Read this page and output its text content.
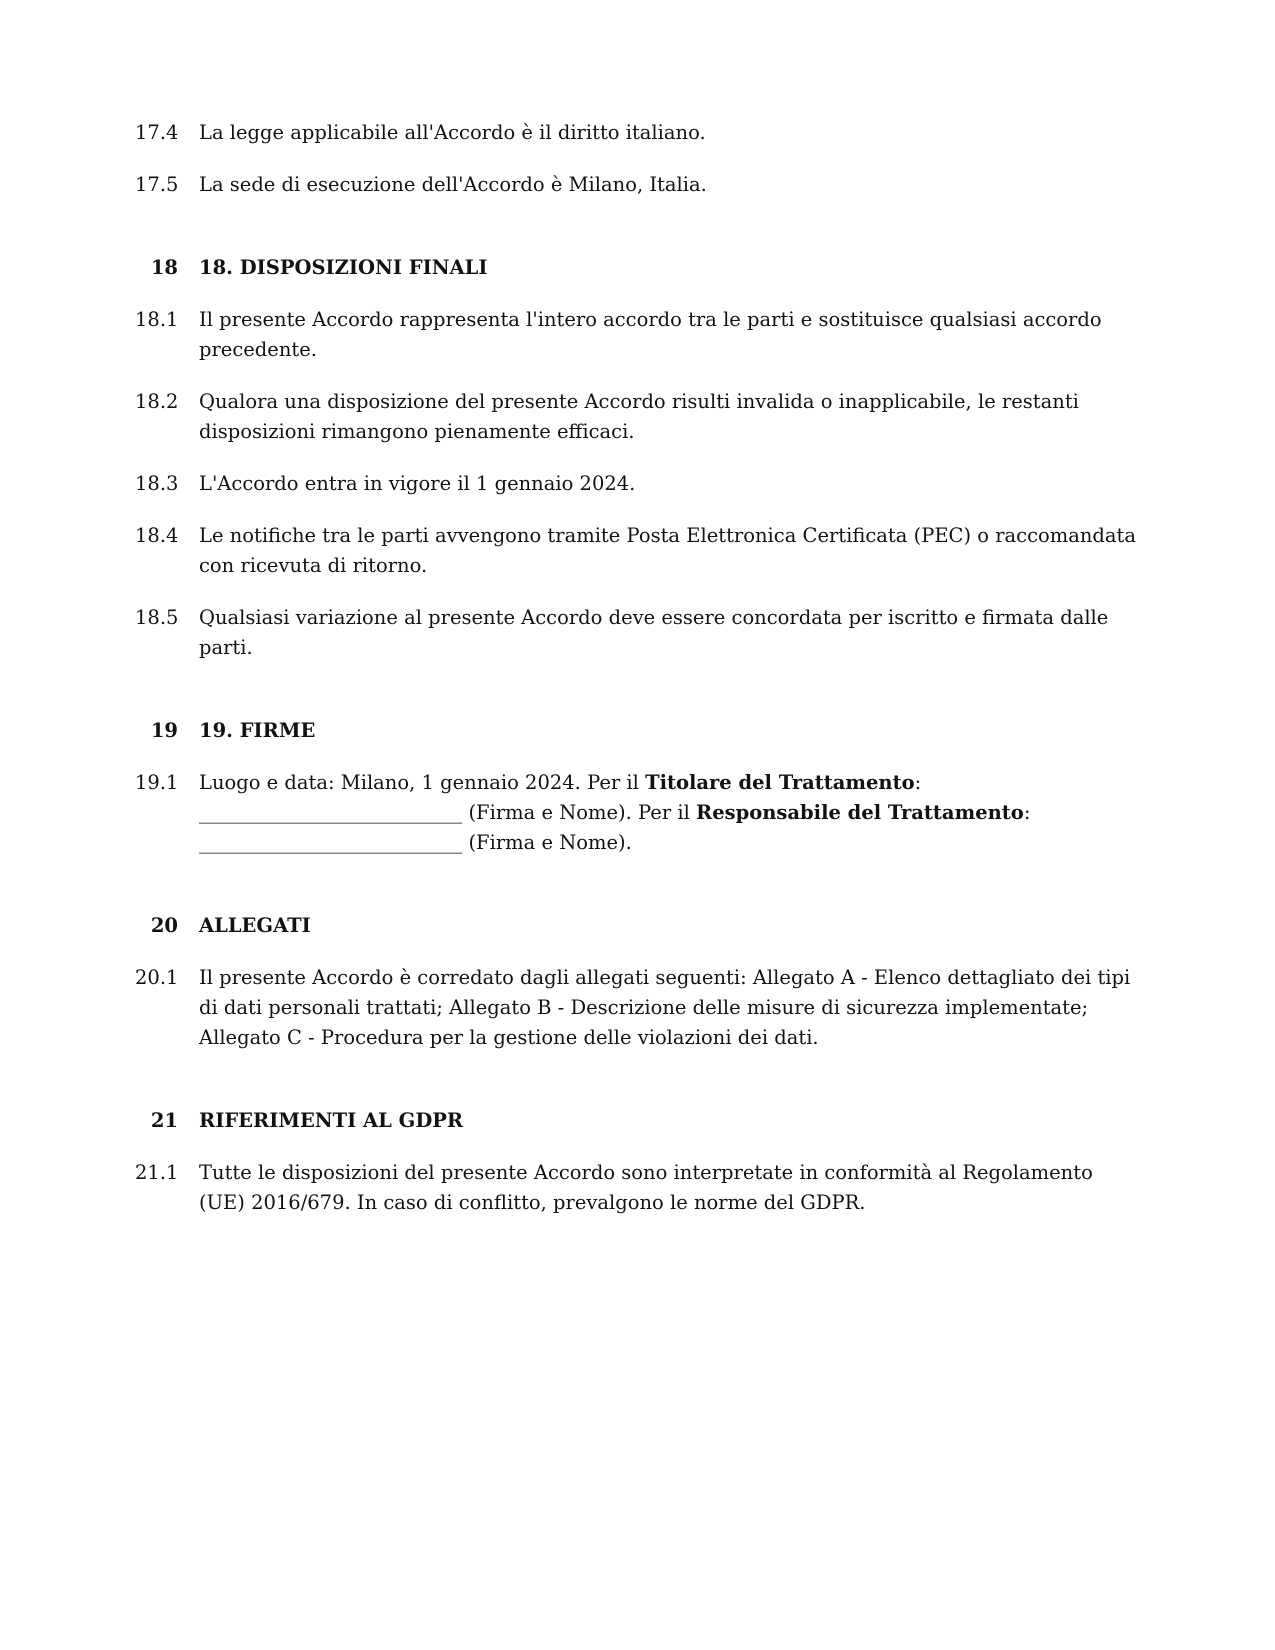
17.4 La legge applicabile all'Accordo è il diritto italiano.
17.5 La sede di esecuzione dell'Accordo è Milano, Italia.
18 18. DISPOSIZIONI FINALI
18.1 Il presente Accordo rappresenta l'intero accordo tra le parti e sostituisce qualsiasi accordo precedente.
18.2 Qualora una disposizione del presente Accordo risulti invalida o inapplicabile, le restanti disposizioni rimangono pienamente efficaci.
18.3 L'Accordo entra in vigore il 1 gennaio 2024.
18.4 Le notifiche tra le parti avvengono tramite Posta Elettronica Certificata (PEC) o raccomandata con ricevuta di ritorno.
18.5 Qualsiasi variazione al presente Accordo deve essere concordata per iscritto e firmata dalle parti.
19 19. FIRME
19.1 Luogo e data: Milano, 1 gennaio 2024. Per il Titolare del Trattamento: ___________________________ (Firma e Nome). Per il Responsabile del Trattamento: ___________________________ (Firma e Nome).
20 ALLEGATI
20.1 Il presente Accordo è corredato dagli allegati seguenti: Allegato A - Elenco dettagliato dei tipi di dati personali trattati; Allegato B - Descrizione delle misure di sicurezza implementate; Allegato C - Procedura per la gestione delle violazioni dei dati.
21 RIFERIMENTI AL GDPR
21.1 Tutte le disposizioni del presente Accordo sono interpretate in conformità al Regolamento (UE) 2016/679. In caso di conflitto, prevalgono le norme del GDPR.
